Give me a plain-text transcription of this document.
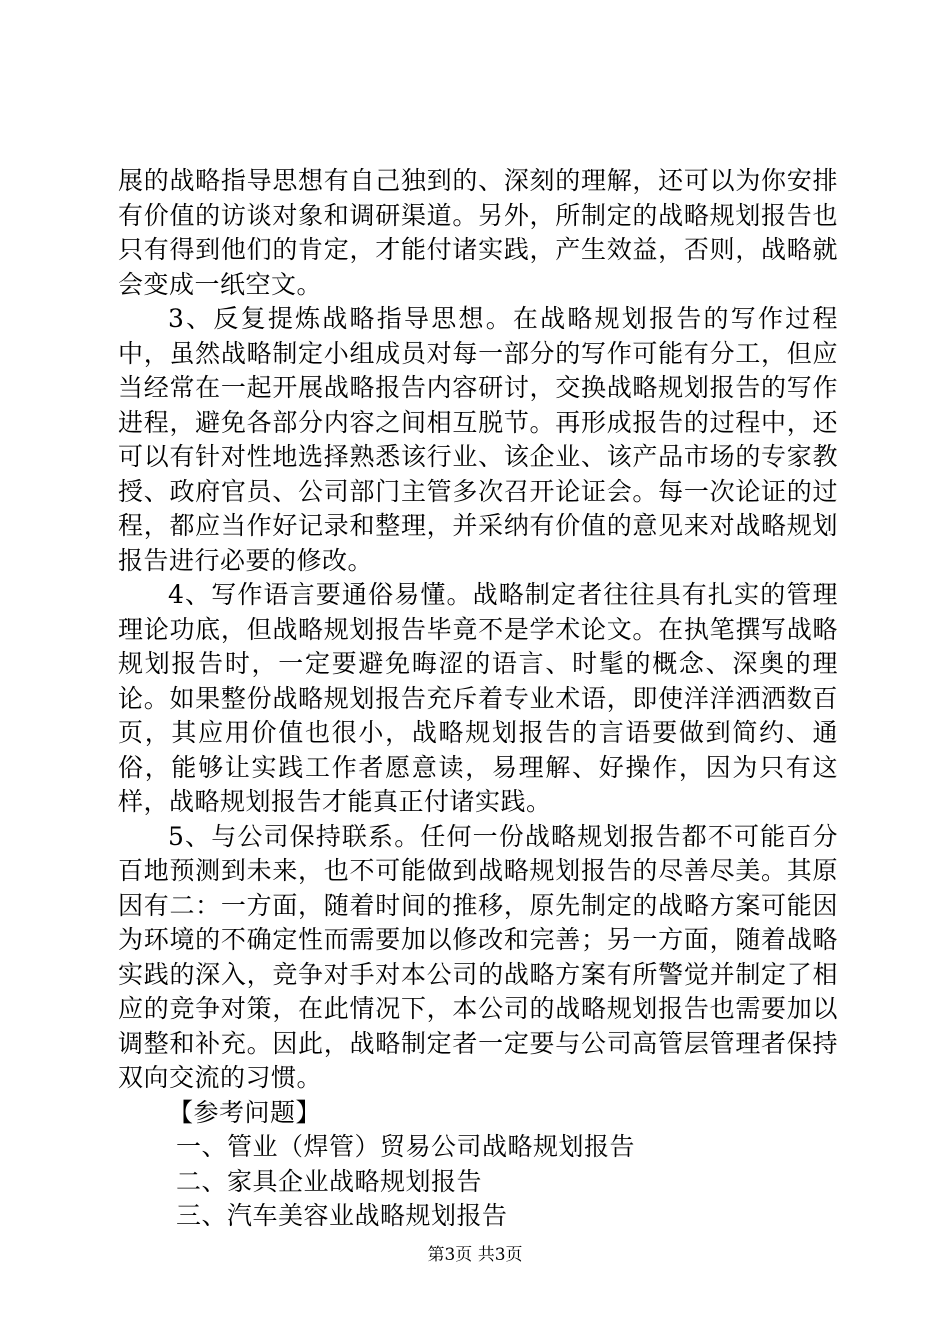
展的战略指导思想有自己独到的、深刻的理解，还可以为你安排有价值的访谈对象和调研渠道。另外，所制定的战略规划报告也只有得到他们的肯定，才能付诸实践，产生效益，否则，战略就会变成一纸空文。

3、反复提炼战略指导思想。在战略规划报告的写作过程中，虽然战略制定小组成员对每一部分的写作可能有分工，但应当经常在一起开展战略报告内容研讨，交换战略规划报告的写作进程，避免各部分内容之间相互脱节。再形成报告的过程中，还可以有针对性地选择熟悉该行业、该企业、该产品市场的专家教授、政府官员、公司部门主管多次召开论证会。每一次论证的过程，都应当作好记录和整理，并采纳有价值的意见来对战略规划报告进行必要的修改。

4、写作语言要通俗易懂。战略制定者往往具有扎实的管理理论功底，但战略规划报告毕竟不是学术论文。在执笔撰写战略规划报告时，一定要避免晦涩的语言、时髦的概念、深奥的理论。如果整份战略规划报告充斥着专业术语，即使洋洋洒洒数百页，其应用价值也很小，战略规划报告的言语要做到简约、通俗，能够让实践工作者愿意读，易理解、好操作，因为只有这样，战略规划报告才能真正付诸实践。

5、与公司保持联系。任何一份战略规划报告都不可能百分百地预测到未来，也不可能做到战略规划报告的尽善尽美。其原因有二：一方面，随着时间的推移，原先制定的战略方案可能因为环境的不确定性而需要加以修改和完善；另一方面，随着战略实践的深入，竞争对手对本公司的战略方案有所警觉并制定了相应的竞争对策，在此情况下，本公司的战略规划报告也需要加以调整和补充。因此，战略制定者一定要与公司高管层管理者保持双向交流的习惯。

【参考问题】

一、管业（焊管）贸易公司战略规划报告
二、家具企业战略规划报告
三、汽车美容业战略规划报告
第3页 共3页
